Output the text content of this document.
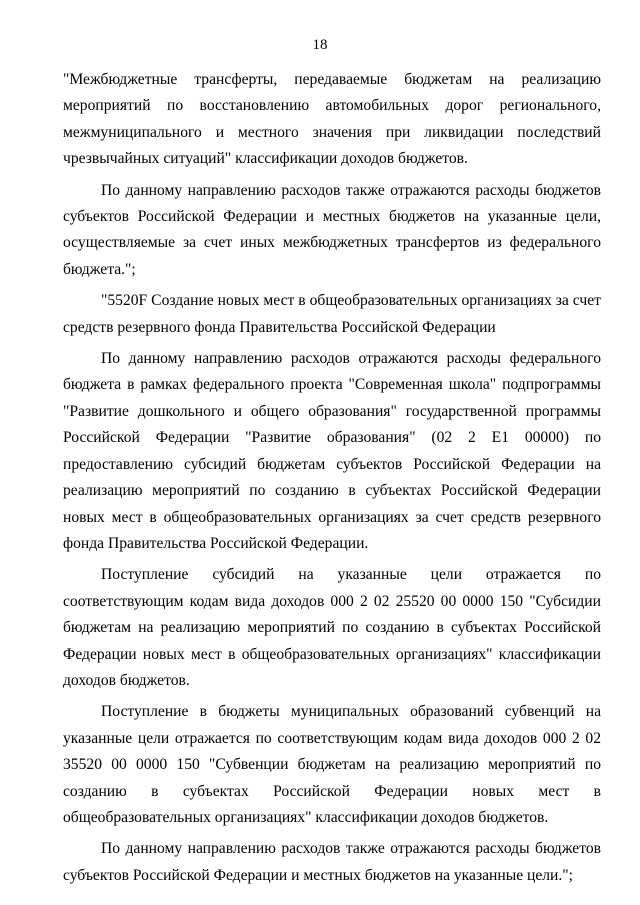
18

"Межбюджетные трансферты, передаваемые бюджетам на реализацию мероприятий по восстановлению автомобильных дорог регионального, межмуниципального и местного значения при ликвидации последствий чрезвычайных ситуаций" классификации доходов бюджетов.

По данному направлению расходов также отражаются расходы бюджетов субъектов Российской Федерации и местных бюджетов на указанные цели, осуществляемые за счет иных межбюджетных трансфертов из федерального бюджета.";

"5520F Создание новых мест в общеобразовательных организациях за счет средств резервного фонда Правительства Российской Федерации

По данному направлению расходов отражаются расходы федерального бюджета в рамках федерального проекта "Современная школа" подпрограммы "Развитие дошкольного и общего образования" государственной программы Российской Федерации "Развитие образования" (02 2 Е1 00000) по предоставлению субсидий бюджетам субъектов Российской Федерации на реализацию мероприятий по созданию в субъектах Российской Федерации новых мест в общеобразовательных организациях за счет средств резервного фонда Правительства Российской Федерации.

Поступление субсидий на указанные цели отражается по соответствующим кодам вида доходов 000 2 02 25520 00 0000 150 "Субсидии бюджетам на реализацию мероприятий по созданию в субъектах Российской Федерации новых мест в общеобразовательных организациях" классификации доходов бюджетов.

Поступление в бюджеты муниципальных образований субвенций на указанные цели отражается по соответствующим кодам вида доходов 000 2 02 35520 00 0000 150 "Субвенции бюджетам на реализацию мероприятий по созданию в субъектах Российской Федерации новых мест в общеобразовательных организациях" классификации доходов бюджетов.

По данному направлению расходов также отражаются расходы бюджетов субъектов Российской Федерации и местных бюджетов на указанные цели.";
